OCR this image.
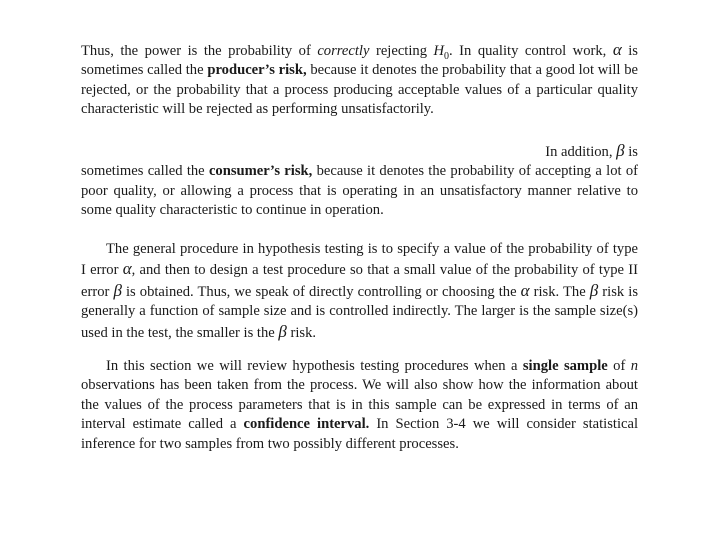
Thus, the power is the probability of correctly rejecting $H_0$. In quality control work, α is sometimes called the producer’s risk, because it denotes the probability that a good lot will be rejected, or the probability that a process producing acceptable values of a particular quality characteristic will be rejected as performing unsatisfactorily.

In addition, β is
sometimes called the consumer’s risk, because it denotes the probability of accepting a lot of poor quality, or allowing a process that is operating in an unsatisfactory manner relative to some quality characteristic to continue in operation.

The general procedure in hypothesis testing is to specify a value of the probability of type I error α, and then to design a test procedure so that a small value of the probability of type II error β is obtained. Thus, we speak of directly controlling or choosing the α risk. The β risk is generally a function of sample size and is controlled indirectly. The larger is the sample size(s) used in the test, the smaller is the β risk.

In this section we will review hypothesis testing procedures when a single sample of n observations has been taken from the process. We will also show how the information about the values of the process parameters that is in this sample can be expressed in terms of an interval estimate called a confidence interval. In Section 3-4 we will consider statistical inference for two samples from two possibly different processes.
